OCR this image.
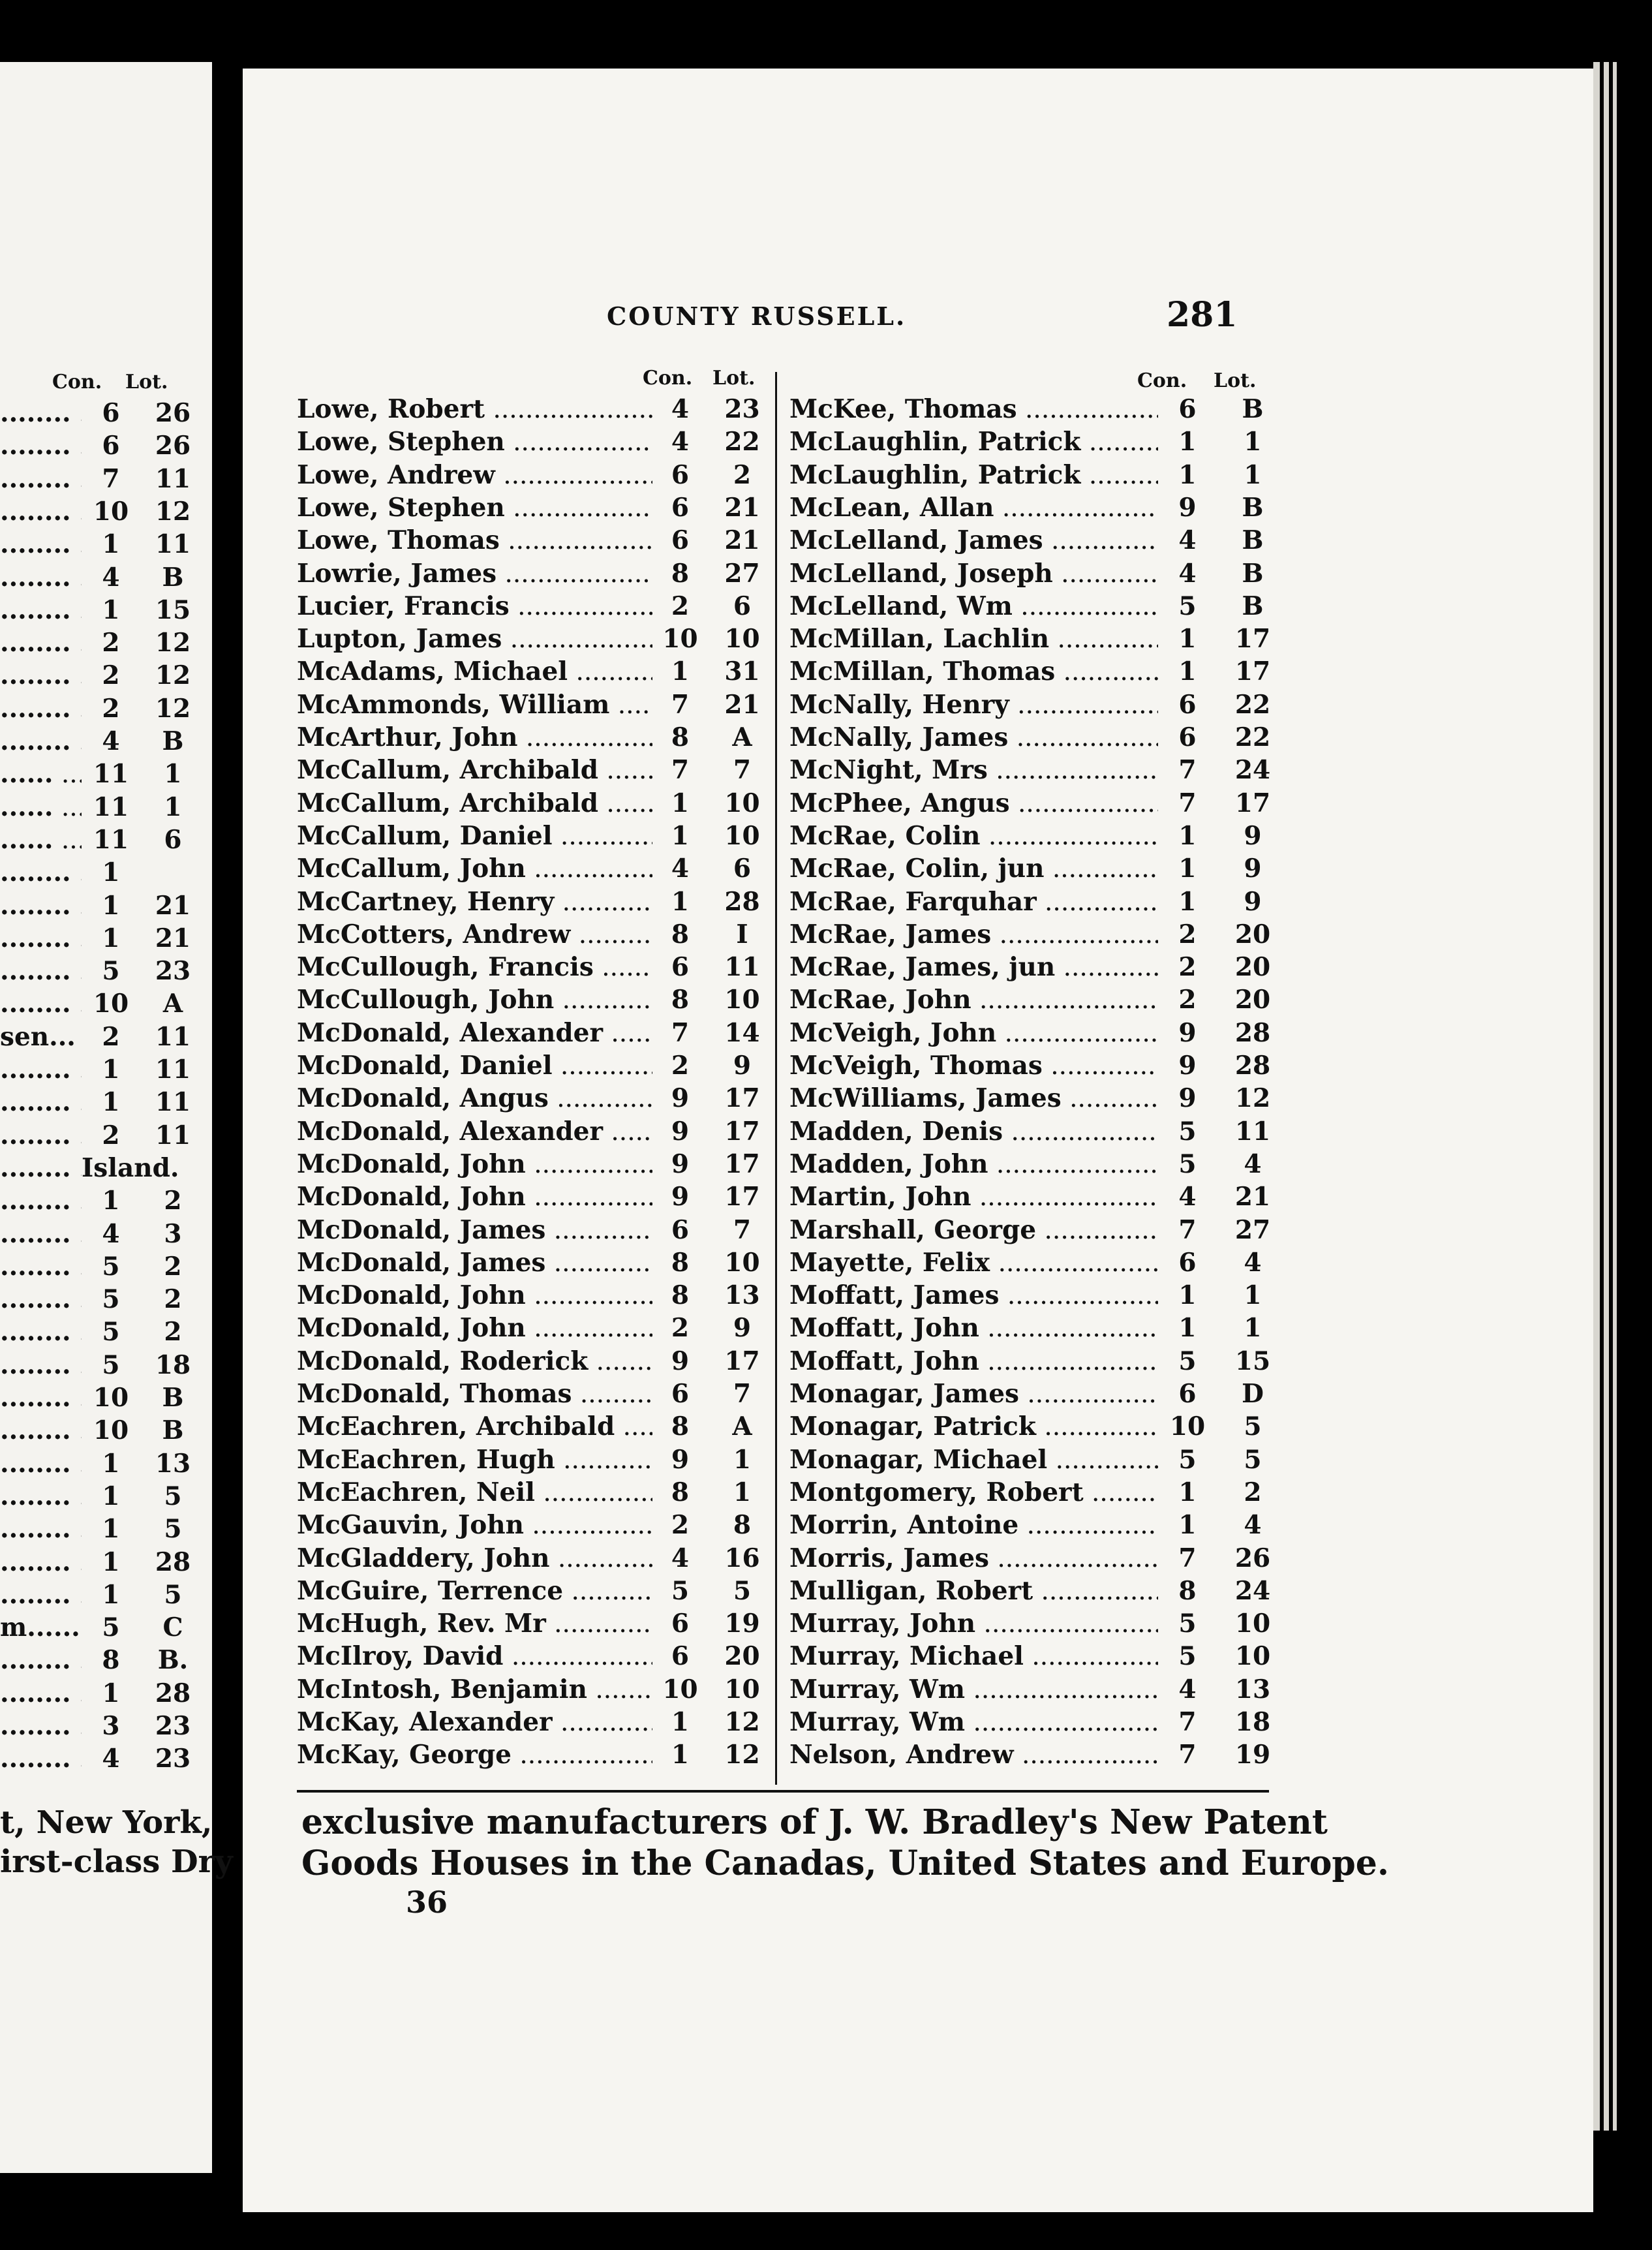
COUNTY RUSSELL.	281
Con. Lot.	Con. Lot.	Con. Lot.
........ .....	6	26
........ .....	6	26
........ .....	7	11
........ ..... 10	12
........ .....	1	11
........ .....	4	B
........ .....	1	15
........ .....	2	12
........ .....	2	12
........ .....	2	12
........ .....	4	B
...... .....	11	1
...... .....	11	1
...... .....	11	6
........ .....	1
........ .....	1	21
........ .....	1	21
........ .....	5	23
........ ..... 10	A
sen... .....	2	11
........ .....	1	11
........ .....	1	11
........ .....	2	11
........ ..... Island.
........ .....	1	2
........ .....	4	3
........ .....	5	2
........ .....	5	2
........ .....	5	2
........ .....	5	18
........ ..... 10	B
........ ..... 10	B
........ .....	1	13
........ .....	1	5
........ .....	1	5
........ .....	1	28
........ .....	1	5
m...... ..... 5	C
........ .....	8	B.
........ .....	1	28
........ .....	3	23
........ .....	4	23
Lowe, Robert .....	4	23
Lowe, Stephen .....	4	22
Lowe, Andrew .....	6	2
Lowe, Stephen .....	6	21
Lowe, Thomas .....	6	21
Lowrie, James .....	8	27
Lucier, Francis .....	2	6
Lupton, James .....	10	10
McAdams, Michael .....	1	31
McAmmonds, William .....	7	21
McArthur, John .....	8	A
McCallum, Archibald .....	7	7
McCallum, Archibald .....	1	10
McCallum, Daniel .....	1	10
McCallum, John .....	4	6
McCartney, Henry .....	1	28
McCotters, Andrew .....	8	I
McCullough, Francis .....	6	11
McCullough, John .....	8	10
McDonald, Alexander .....	7	14
McDonald, Daniel .....	2	9
McDonald, Angus .....	9	17
McDonald, Alexander .....	9	17
McDonald, John .....	9	17
McDonald, John .....	9	17
McDonald, James .....	6	7
McDonald, James .....	8	10
McDonald, John .....	8	13
McDonald, John .....	2	9
McDonald, Roderick .....	9	17
McDonald, Thomas .....	6	7
McEachren, Archibald .....	8	A
McEachren, Hugh .....	9	1
McEachren, Neil .....	8	1
McGauvin, John .....	2	8
McGladdery, John .....	4	16
McGuire, Terrence .....	5	5
McHugh, Rev. Mr .....	6	19
McIlroy, David .....	6	20
McIntosh, Benjamin .....	10	10
McKay, Alexander .....	1	12
McKay, George .....	1	12
McKee, Thomas .....	6	B
McLaughlin, Patrick .....	1	1
McLaughlin, Patrick .....	1	1
McLean, Allan .....	9	B
McLelland, James .....	4	B
McLelland, Joseph .....	4	B
McLelland, Wm .....	5	B
McMillan, Lachlin .....	1	17
McMillan, Thomas .....	1	17
McNally, Henry .....	6	22
McNally, James .....	6	22
McNight, Mrs .....	7	24
McPhee, Angus .....	7	17
McRae, Colin .....	1	9
McRae, Colin, jun .....	1	9
McRae, Farquhar .....	1	9
McRae, James .....	2	20
McRae, James, jun .....	2	20
McRae, John .....	2	20
McVeigh, John .....	9	28
McVeigh, Thomas .....	9	28
McWilliams, James .....	9	12
Madden, Denis .....	5	11
Madden, John .....	5	4
Martin, John .....	4	21
Marshall, George .....	7	27
Mayette, Felix .....	6	4
Moffatt, James .....	1	1
Moffatt, John .....	1	1
Moffatt, John .....	5	15
Monagar, James .....	6	D
Monagar, Patrick .....	10	5
Monagar, Michael .....	5	5
Montgomery, Robert .....	1	2
Morrin, Antoine .....	1	4
Morris, James .....	7	26
Mulligan, Robert .....	8	24
Murray, John .....	5	10
Murray, Michael .....	5	10
Murray, Wm .....	4	13
Murray, Wm .....	7	18
Nelson, Andrew .....	7	19
t, New York,
irst-class Dry
exclusive manufacturers of J. W. Bradley's New Patent
Goods Houses in the Canadas, United States and Europe.
36
